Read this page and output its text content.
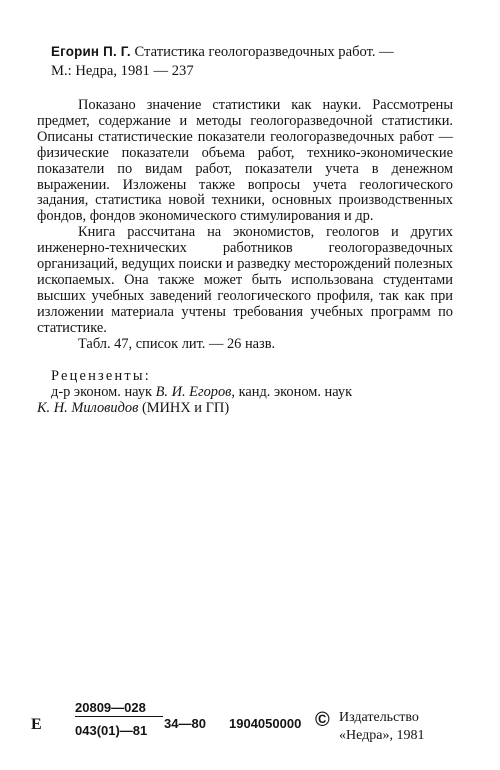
Егорин П. Г. Статистика геологоразведочных работ. —
М.: Недра, 1981 — 237

Показано значение статистики как науки. Рассмотрены предмет, содержание и методы геологоразведочной статистики. Описаны статистические показатели геологоразведочных работ — физические показатели объема работ, технико-экономические показатели по видам работ, показатели учета в денежном выражении. Изложены также вопросы учета геологического задания, статистика новой техники, основных производственных фондов, фондов экономического стимулирования и др.

Книга рассчитана на экономистов, геологов и других инженерно-технических работников геологоразведочных организаций, ведущих поиски и разведку месторождений полезных ископаемых. Она также может быть использована студентами высших учебных заведений геологического профиля, так как при изложении материала учтены требования учебных программ по статистике.

Табл. 47, список лит. — 26 назв.

Рецензенты:
д-р эконом. наук В. И. Егоров, канд. эконом. наук
К. Н. Миловидов (МИНХ и ГП)
Е
20809—028
043(01)—81 34—80 1904050000 © Издательство
«Недра», 1981
